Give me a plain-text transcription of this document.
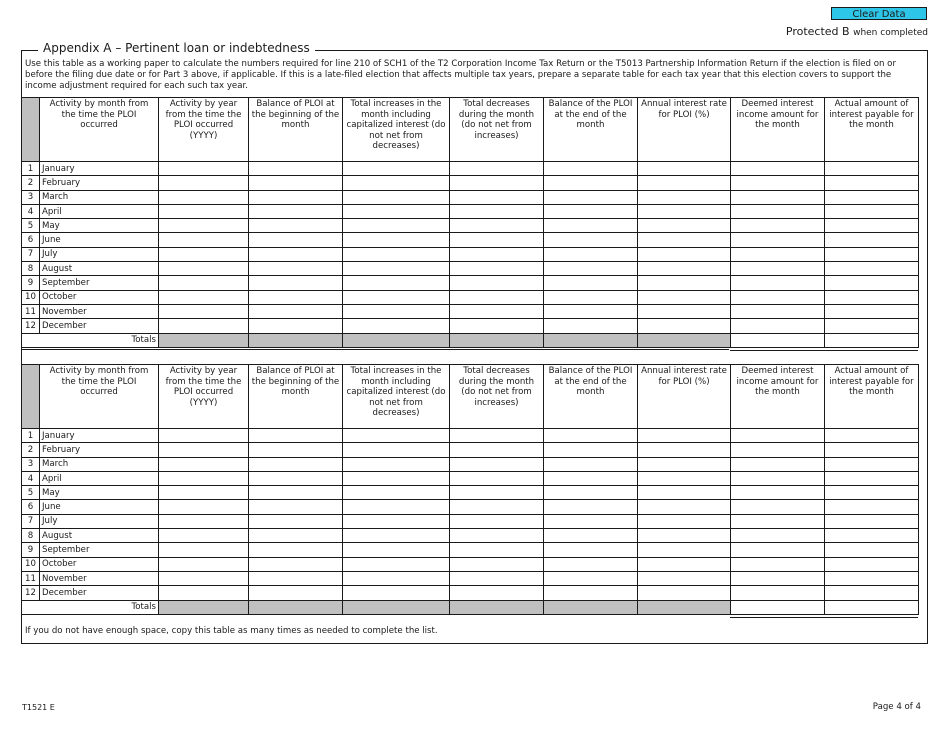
Clear Data
Protected B when completed
Appendix A – Pertinent loan or indebtedness
Use this table as a working paper to calculate the numbers required for line 210 of SCH1 of the T2 Corporation Income Tax Return or the T5013 Partnership Information Return if the election is filed on or before the filing due date or for Part 3 above, if applicable. If this is a late-filed election that affects multiple tax years, prepare a separate table for each tax year that this election covers to support the income adjustment required for each such tax year.
	Activity by month from the time the PLOI occurred	Activity by year from the time the PLOI occurred (YYYY)	Balance of PLOI at the beginning of the month	Total increases in the month including capitalized interest (do not net from decreases)	Total decreases during the month (do not net from increases)	Balance of the PLOI at the end of the month	Annual interest rate for PLOI (%)	Deemed interest income amount for the month	Actual amount of interest payable for the month
1	January								
2	February								
3	March								
4	April								
5	May								
6	June								
7	July								
8	August								
9	September								
10	October								
11	November								
12	December								
Totals									
	Activity by month from the time the PLOI occurred	Activity by year from the time the PLOI occurred (YYYY)	Balance of PLOI at the beginning of the month	Total increases in the month including capitalized interest (do not net from decreases)	Total decreases during the month (do not net from increases)	Balance of the PLOI at the end of the month	Annual interest rate for PLOI (%)	Deemed interest income amount for the month	Actual amount of interest payable for the month
1	January								
2	February								
3	March								
4	April								
5	May								
6	June								
7	July								
8	August								
9	September								
10	October								
11	November								
12	December								
Totals									
If you do not have enough space, copy this table as many times as needed to complete the list.
T1521 E	Page 4 of 4
